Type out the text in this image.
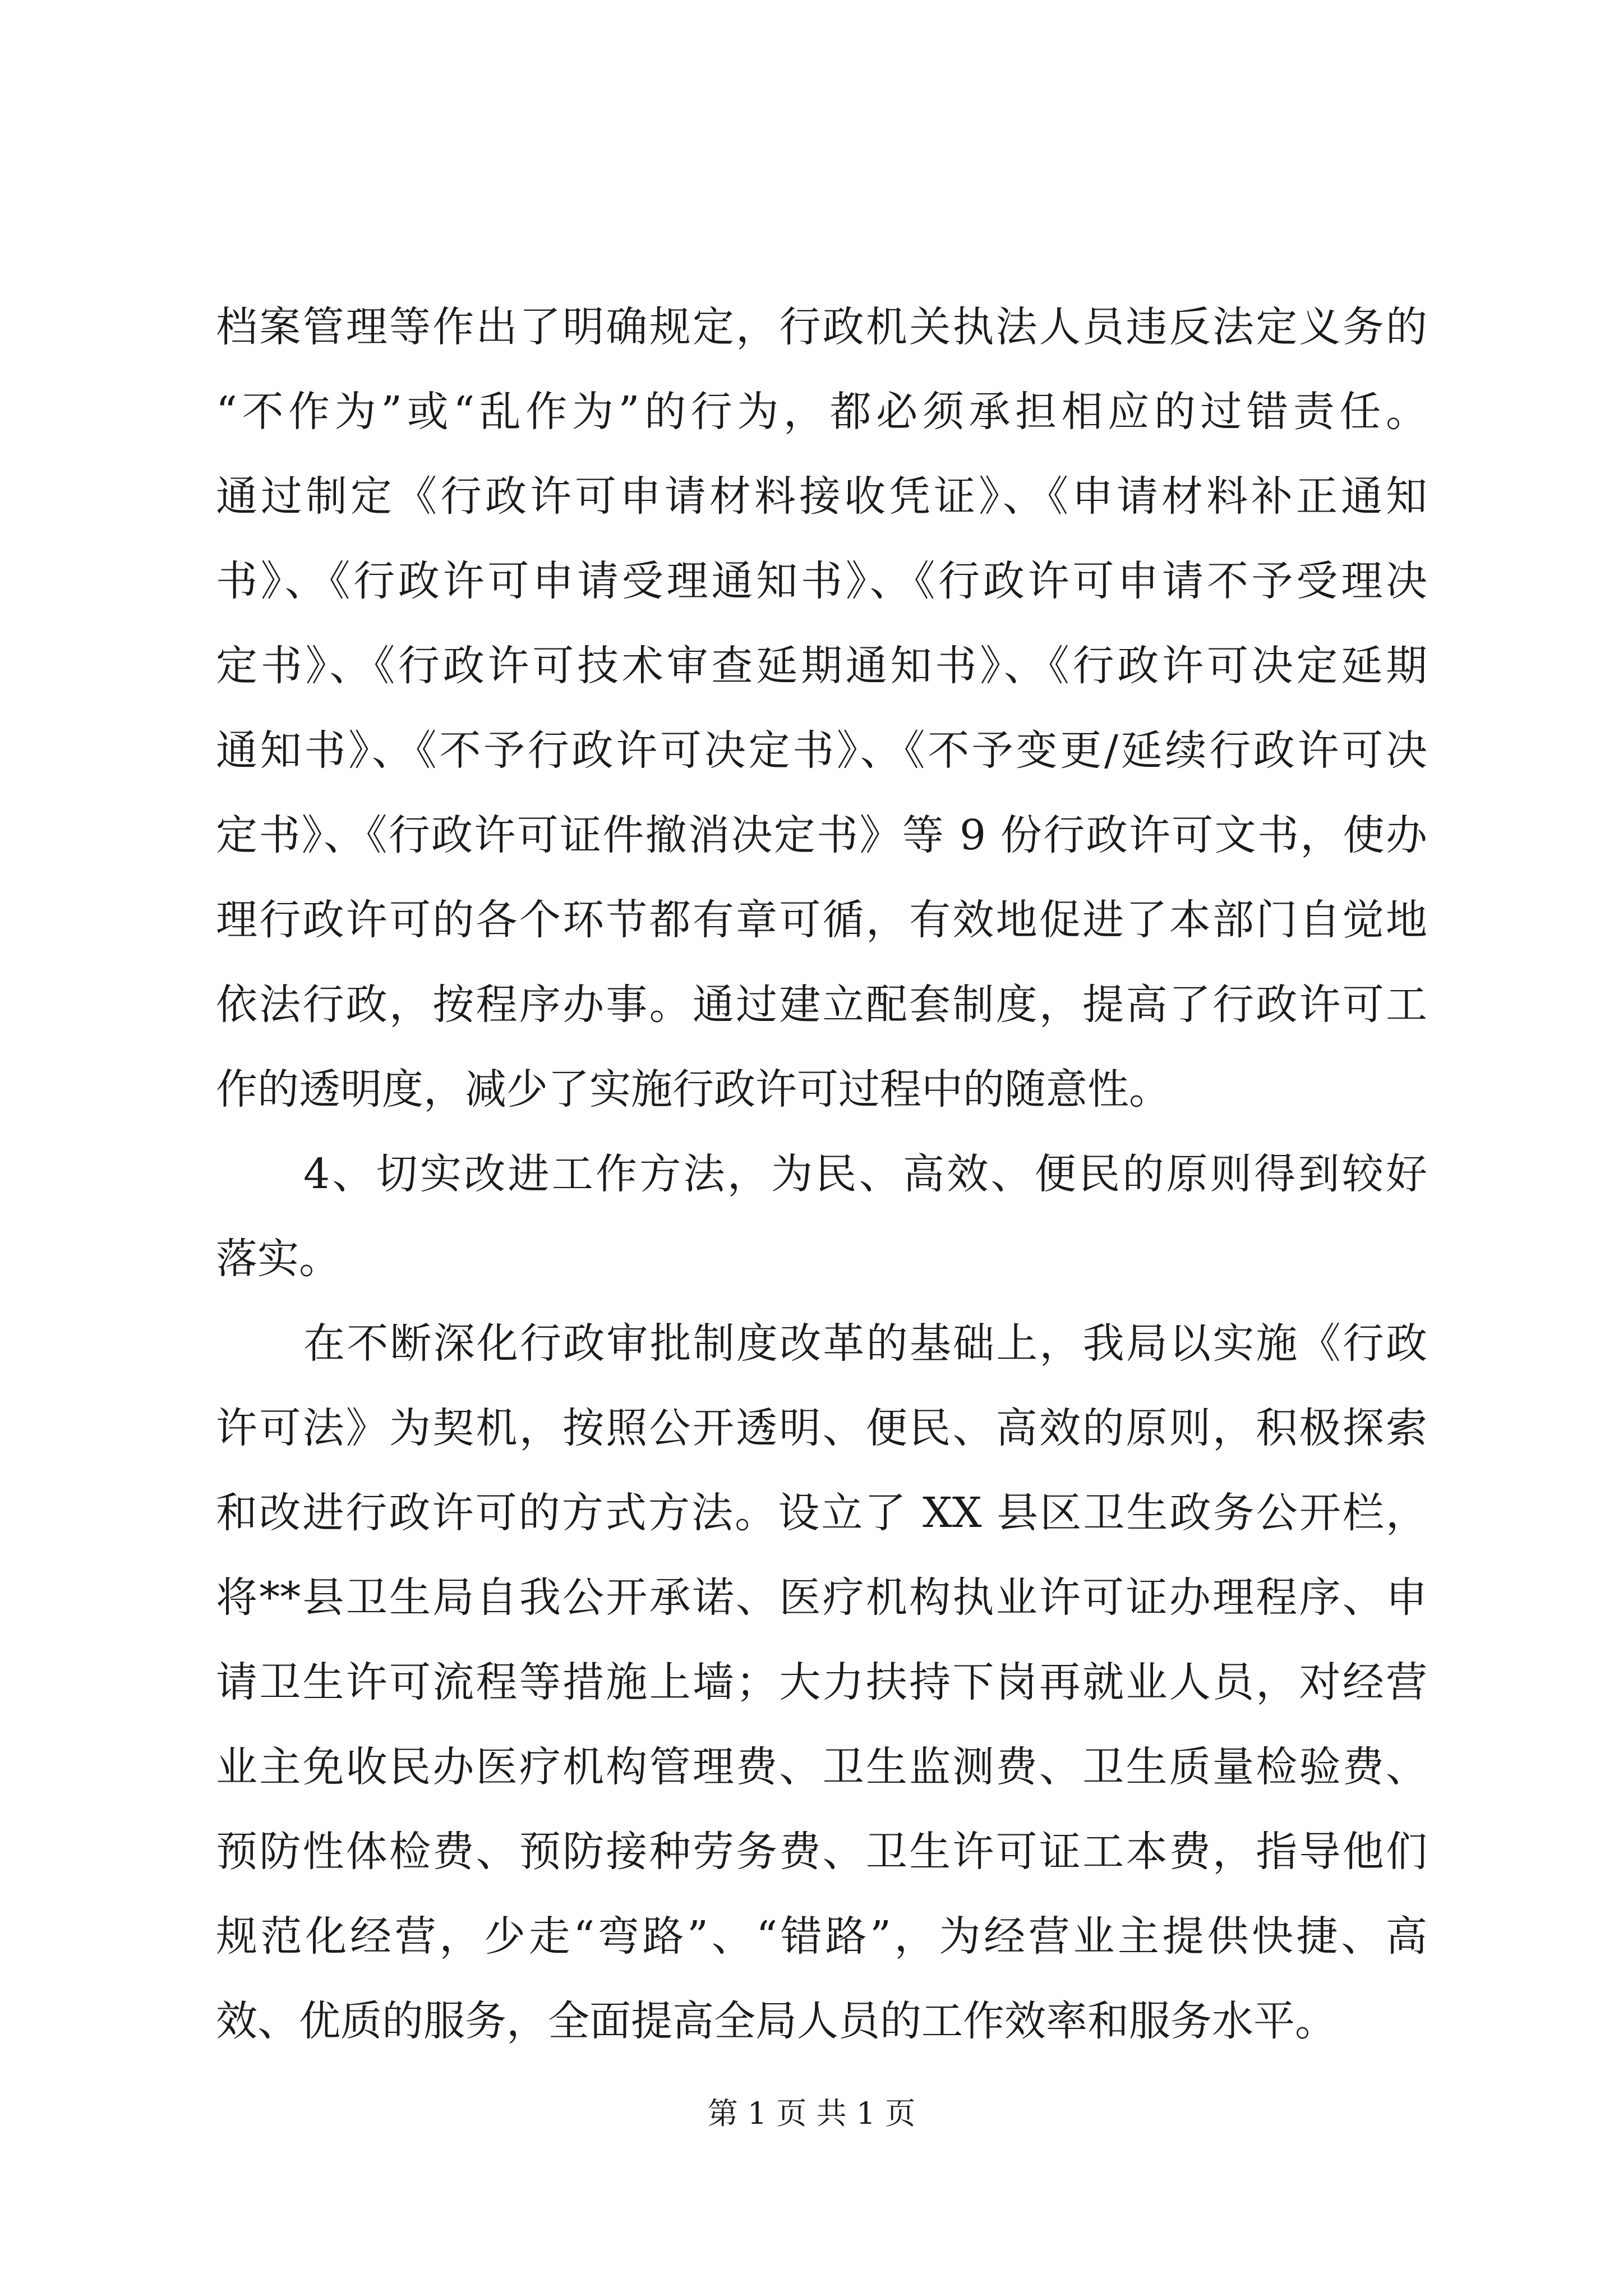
档案管理等作出了明确规定，行政机关执法人员违反法定义务的
“不作为”或“乱作为”的行为，都必须承担相应的过错责任。
通过制定《行政许可申请材料接收凭证》、《申请材料补正通知
书》、《行政许可申请受理通知书》、《行政许可申请不予受理决
定书》、《行政许可技术审查延期通知书》、《行政许可决定延期
通知书》、《不予行政许可决定书》、《不予变更/延续行政许可决
定书》、《行政许可证件撤消决定书》等 9 份行政许可文书，使办
理行政许可的各个环节都有章可循，有效地促进了本部门自觉地
依法行政，按程序办事。通过建立配套制度，提高了行政许可工
作的透明度，减少了实施行政许可过程中的随意性。
4、切实改进工作方法，为民、高效、便民的原则得到较好
落实。
在不断深化行政审批制度改革的基础上，我局以实施《行政
许可法》为契机，按照公开透明、便民、高效的原则，积极探索
和改进行政许可的方式方法。设立了 XX 县区卫生政务公开栏，
将**县卫生局自我公开承诺、医疗机构执业许可证办理程序、申
请卫生许可流程等措施上墙；大力扶持下岗再就业人员，对经营
业主免收民办医疗机构管理费、卫生监测费、卫生质量检验费、
预防性体检费、预防接种劳务费、卫生许可证工本费，指导他们
规范化经营，少走“弯路”、“错路”，为经营业主提供快捷、高
效、优质的服务，全面提高全局人员的工作效率和服务水平。
第 1 页 共 1 页
